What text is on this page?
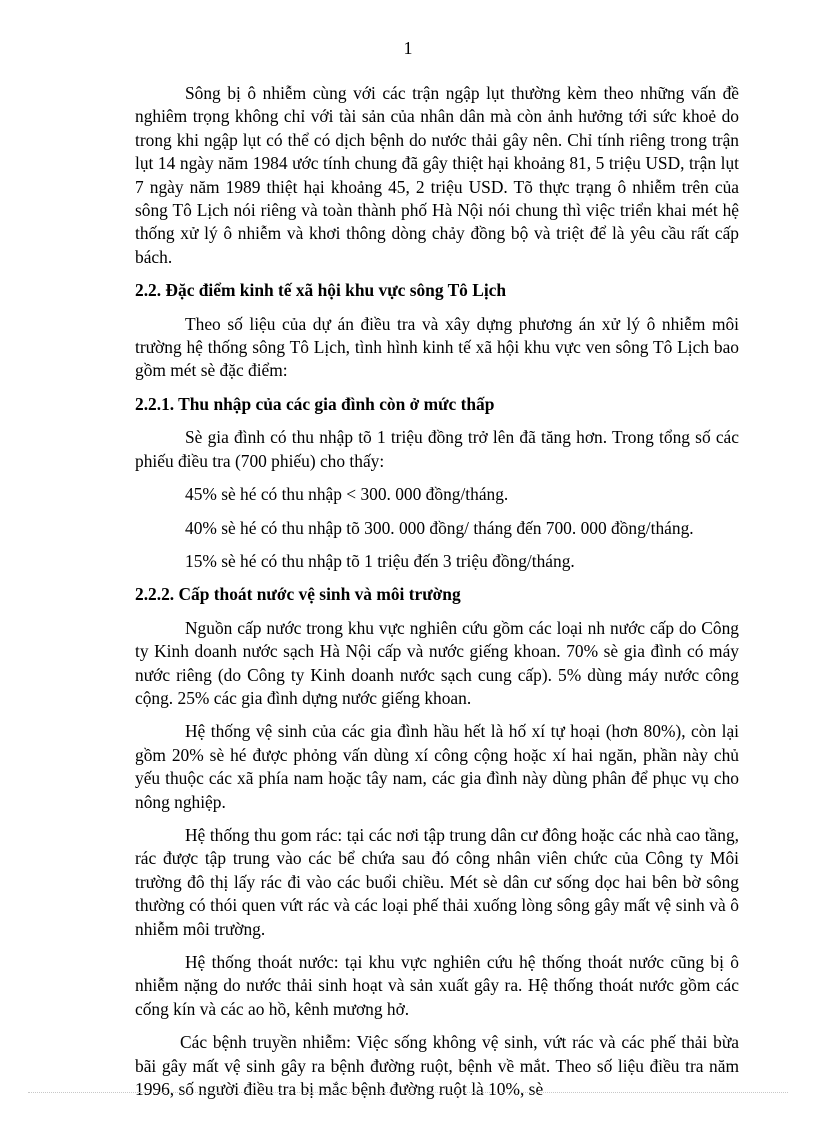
1

Sông bị ô nhiễm cùng với các trận ngập lụt thường kèm theo những vấn đề nghiêm trọng không chỉ với tài sản của nhân dân mà còn ảnh hưởng tới sức khoẻ do trong khi ngập lụt có thể có dịch bệnh do nước thải gây nên. Chỉ tính riêng trong trận lụt 14 ngày năm 1984 ước tính chung đã gây thiệt hại khoảng 81, 5 triệu USD, trận lụt 7 ngày năm 1989 thiệt hại khoảng 45, 2 triệu USD. Tõ thực trạng ô nhiễm trên của sông Tô Lịch nói riêng và toàn thành phố Hà Nội nói chung thì việc triển khai mét hệ thống xử lý ô nhiễm và khơi thông dòng chảy đồng bộ và triệt để là yêu cầu rất cấp bách.

2.2. Đặc điểm kinh tế xã hội khu vực sông Tô Lịch

Theo số liệu của dự án điều tra và xây dựng phương án xử lý ô nhiễm môi trường hệ thống sông Tô Lịch, tình hình kinh tế xã hội khu vực ven sông Tô Lịch bao gồm mét sè đặc điểm:

2.2.1. Thu nhập của các gia đình còn ở mức thấp

Sè gia đình có thu nhập tõ 1 triệu đồng trở lên đã tăng hơn. Trong tổng số các phiếu điều tra (700 phiếu) cho thấy:

45% sè hé có thu nhập < 300. 000 đồng/tháng.

40% sè hé có thu nhập tõ 300. 000 đồng/ tháng đến 700. 000 đồng/tháng.

15% sè hé có thu nhập tõ 1 triệu đến 3 triệu đồng/tháng.

2.2.2. Cấp thoát nước vệ sinh và môi trường

Nguồn cấp nước trong khu vực nghiên cứu gồm các loại nh nước cấp do Công ty Kinh doanh nước sạch Hà Nội cấp và nước giếng khoan. 70% sè gia đình có máy nước riêng (do Công ty Kinh doanh nước sạch cung cấp). 5% dùng máy nước công cộng. 25% các gia đình dựng nước giếng khoan.

Hệ thống vệ sinh của các gia đình hầu hết là hố xí tự hoại (hơn 80%), còn lại gồm 20% sè hé được phỏng vấn dùng xí công cộng hoặc xí hai ngăn, phần này chủ yếu thuộc các xã phía nam hoặc tây nam, các gia đình này dùng phân để phục vụ cho nông nghiệp.

Hệ thống thu gom rác: tại các nơi tập trung dân cư đông hoặc các nhà cao tầng, rác được tập trung vào các bể chứa sau đó công nhân viên chức của Công ty Môi trường đô thị lấy rác đi vào các buổi chiều. Mét sè dân cư sống dọc hai bên bờ sông thường có thói quen vứt rác và các loại phế thải xuống lòng sông gây mất vệ sinh và ô nhiễm môi trường.

Hệ thống thoát nước: tại khu vực nghiên cứu hệ thống thoát nước cũng bị ô nhiễm nặng do nước thải sinh hoạt và sản xuất gây ra. Hệ thống thoát nước gồm các cống kín và các ao hồ, kênh mương hở.

Các bệnh truyền nhiễm: Việc sống không vệ sinh, vứt rác và các phế thải bừa bãi gây mất vệ sinh gây ra bệnh đường ruột, bệnh về mắt. Theo số liệu điều tra năm 1996, số người điều tra bị mắc bệnh đường ruột là 10%, sè
